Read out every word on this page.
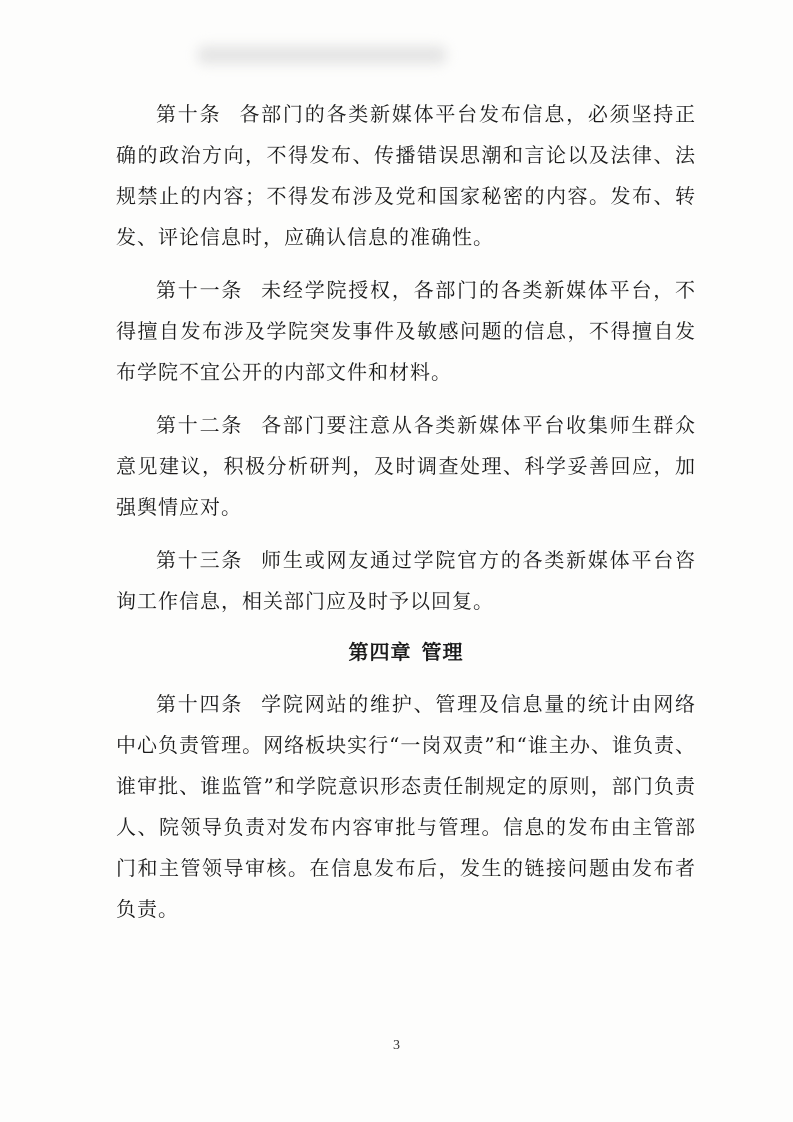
第十条 各部门的各类新媒体平台发布信息，必须坚持正确的政治方向，不得发布、传播错误思潮和言论以及法律、法规禁止的内容；不得发布涉及党和国家秘密的内容。发布、转发、评论信息时，应确认信息的准确性。

第十一条 未经学院授权，各部门的各类新媒体平台，不得擅自发布涉及学院突发事件及敏感问题的信息，不得擅自发布学院不宜公开的内部文件和材料。

第十二条 各部门要注意从各类新媒体平台收集师生群众意见建议，积极分析研判，及时调查处理、科学妥善回应，加强舆情应对。

第十三条 师生或网友通过学院官方的各类新媒体平台咨询工作信息，相关部门应及时予以回复。

第四章 管理

第十四条 学院网站的维护、管理及信息量的统计由网络中心负责管理。网络板块实行“一岗双责”和“谁主办、谁负责、谁审批、谁监管”和学院意识形态责任制规定的原则，部门负责人、院领导负责对发布内容审批与管理。信息的发布由主管部门和主管领导审核。在信息发布后，发生的链接问题由发布者负责。

3
